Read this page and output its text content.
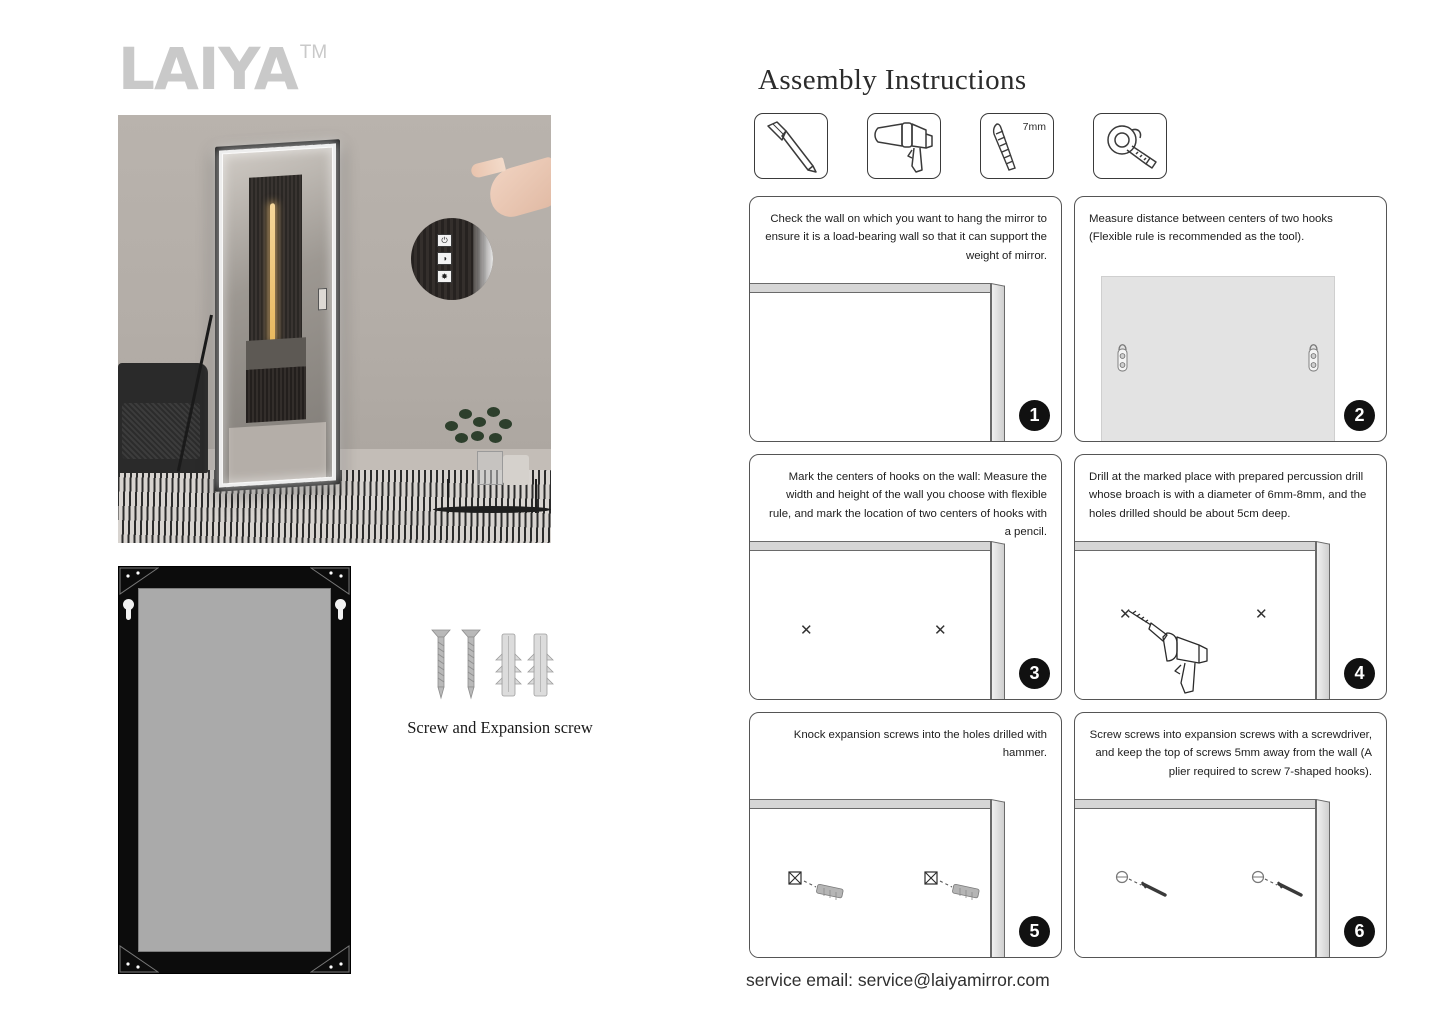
LAIYA TM
⏻
◑
✸
Screw and Expansion screw
Assembly Instructions
7mm
Check the wall on which you want to hang the mirror to ensure it is a load-bearing wall so that it can support the weight of mirror.
1
Measure distance between centers of two hooks (Flexible rule is recommended as the tool).
2
Mark the centers of hooks on the wall: Measure the width and height of the wall you choose with flexible rule, and mark the location of two centers of hooks with a pencil.
✕	✕
3
Drill at the marked place with prepared percussion drill whose broach is with a diameter of 6mm-8mm, and the holes drilled should be about 5cm deep.
✕	✕
4
Knock expansion screws into the holes drilled with hammer.
5
Screw screws into expansion screws with a screwdriver, and keep the top of screws 5mm away from the wall (A plier required to screw 7-shaped hooks).
6
service email: service@laiyamirror.com
